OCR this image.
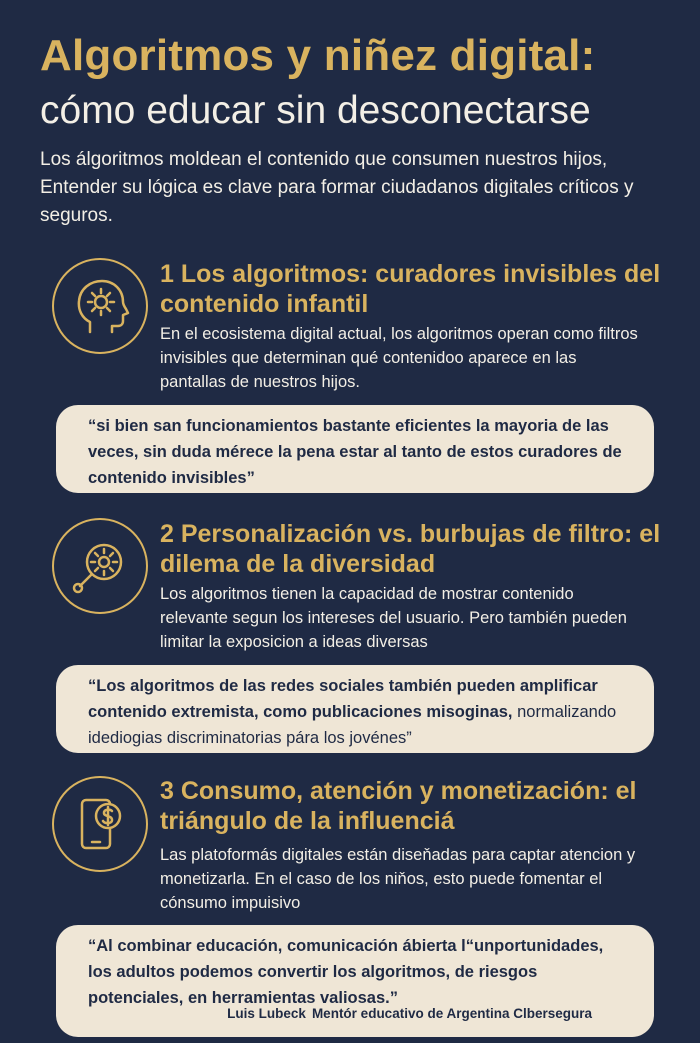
Algoritmos y niñez digital:
cómo educar sin desconectarse

Los álgoritmos moldean el contenido que consumen nuestros hijos, Entender su lógica es clave para formar ciudadanos digitales críticos y seguros.

1 Los algoritmos: curadores invisibles del contenido infantil

En el ecosistema digital actual, los algoritmos operan como filtros invisibles que determinan qué contenidoo aparece en las pantallas de nuestros hijos.

“si bien san funcionamientos bastante eficientes la mayoria de las veces, sin duda mérece la pena estar al tanto de estos curadores de contenido invisibles”
2 Personalización vs. burbujas de filtro: el dilema de la diversidad

Los algoritmos tienen la capacidad de mostrar contenido relevante segun los intereses del usuario. Pero también pueden limitar la exposicion a ideas diversas

“Los algoritmos de las redes sociales también pueden amplificar contenido extremista, como publicaciones misoginas, normalizando idediogias discriminatorias pára los jovénes”
3 Consumo, atención y monetización: el triángulo de la influenciá

Las platoformás digitales están diseňadas para captar atencion y monetizarla. En el caso de los niňos, esto puede fomentar el cónsumo impuisivo

“Al combinar educación, comunicación ábierta l“unportunidades, los adultos podemos convertir los algoritmos, de riesgos potenciales, en herramientas valiosas.”
Luis Lubeck Mentór educativo de Argentina Clbersegura
